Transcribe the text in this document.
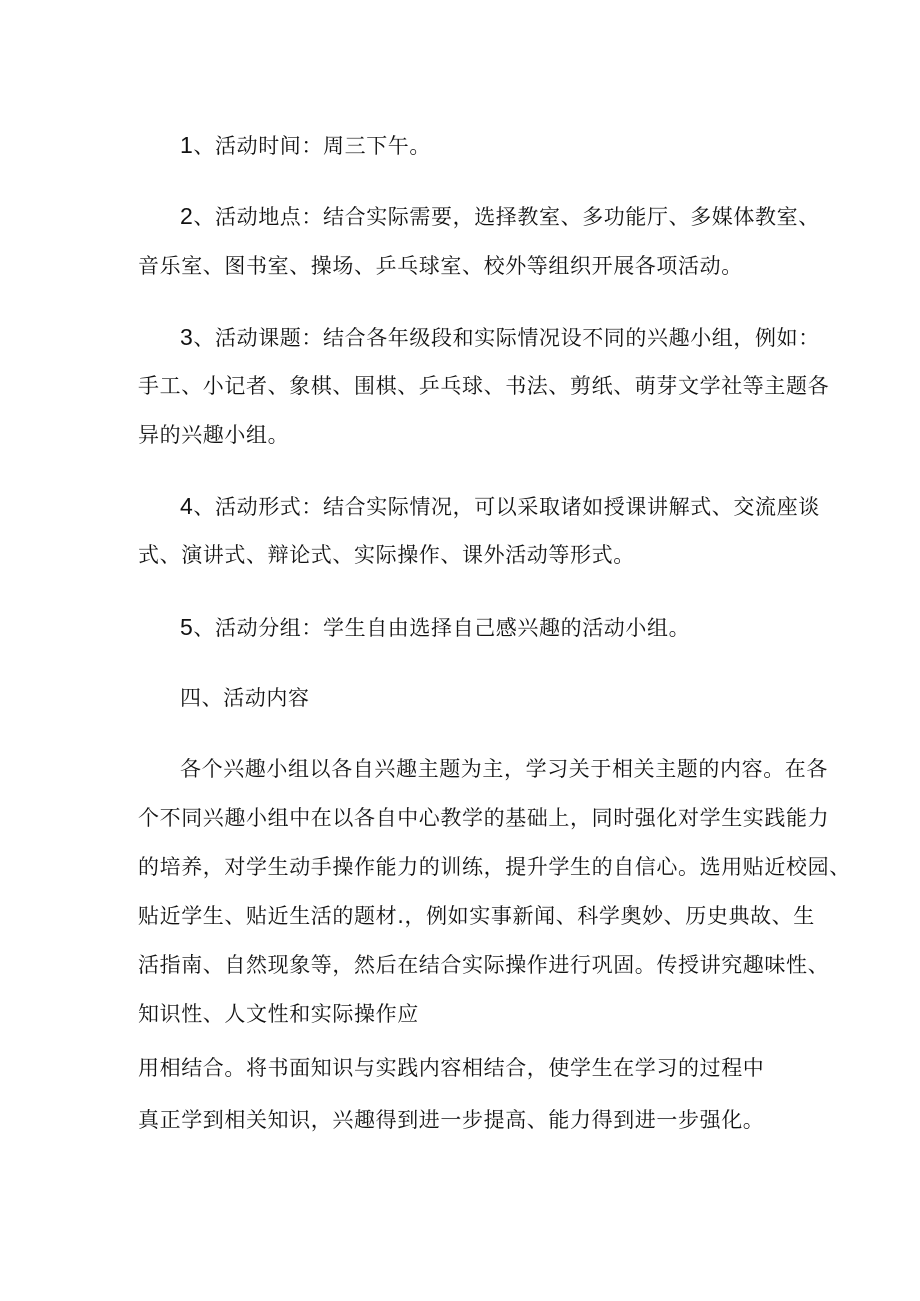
1、活动时间：周三下午。
2、活动地点：结合实际需要，选择教室、多功能厅、多媒体教室、
音乐室、图书室、操场、乒乓球室、校外等组织开展各项活动。
3、活动课题：结合各年级段和实际情况设不同的兴趣小组，例如：
手工、小记者、象棋、围棋、乒乓球、书法、剪纸、萌芽文学社等主题各
异的兴趣小组。
4、活动形式：结合实际情况，可以采取诸如授课讲解式、交流座谈
式、演讲式、辩论式、实际操作、课外活动等形式。
5、活动分组：学生自由选择自己感兴趣的活动小组。
四、活动内容
各个兴趣小组以各自兴趣主题为主，学习关于相关主题的内容。在各
个不同兴趣小组中在以各自中心教学的基础上，同时强化对学生实践能力
的培养，对学生动手操作能力的训练，提升学生的自信心。选用贴近校园、
贴近学生、贴近生活的题材.，例如实事新闻、科学奥妙、历史典故、生
活指南、自然现象等，然后在结合实际操作进行巩固。传授讲究趣味性、
知识性、人文性和实际操作应
用相结合。将书面知识与实践内容相结合，使学生在学习的过程中
真正学到相关知识，兴趣得到进一步提高、能力得到进一步强化。
